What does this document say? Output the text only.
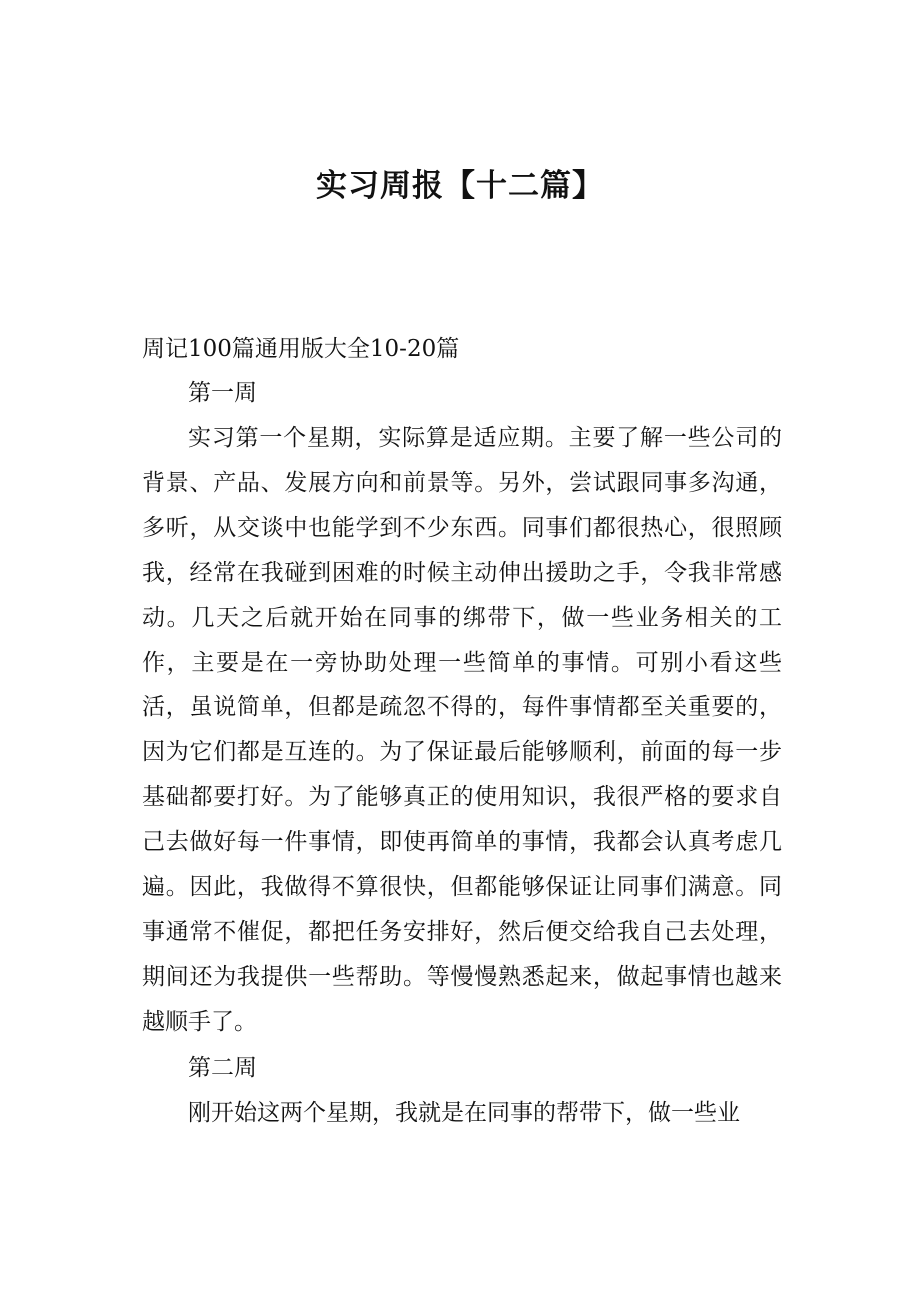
实习周报【十二篇】

周记100篇通用版大全10-20篇

第一周

实习第一个星期，实际算是适应期。主要了解一些公司的背景、产品、发展方向和前景等。另外，尝试跟同事多沟通，多听，从交谈中也能学到不少东西。同事们都很热心，很照顾我，经常在我碰到困难的时候主动伸出援助之手，令我非常感动。几天之后就开始在同事的绑带下，做一些业务相关的工作，主要是在一旁协助处理一些简单的事情。可别小看这些活，虽说简单，但都是疏忽不得的，每件事情都至关重要的，因为它们都是互连的。为了保证最后能够顺利，前面的每一步基础都要打好。为了能够真正的使用知识，我很严格的要求自己去做好每一件事情，即使再简单的事情，我都会认真考虑几遍。因此，我做得不算很快，但都能够保证让同事们满意。同事通常不催促，都把任务安排好，然后便交给我自己去处理，期间还为我提供一些帮助。等慢慢熟悉起来，做起事情也越来越顺手了。

第二周

刚开始这两个星期，我就是在同事的帮带下，做一些业
